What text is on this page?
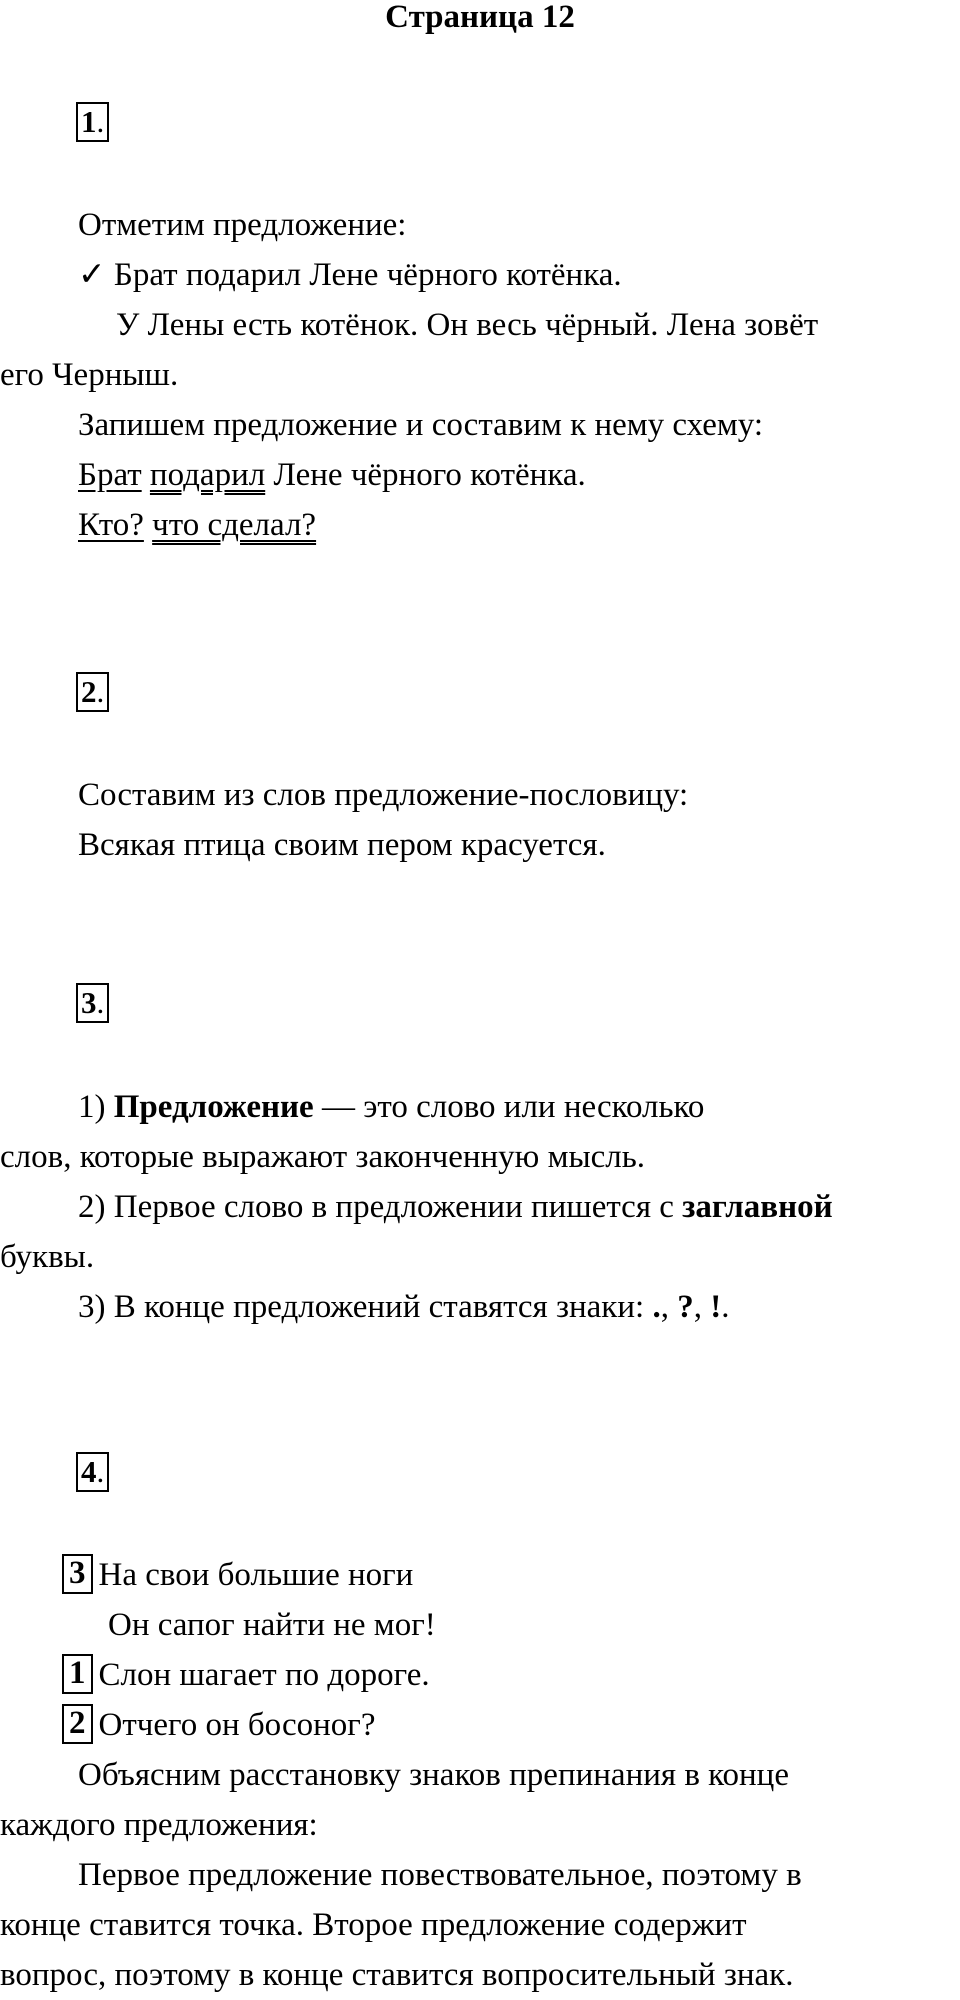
Страница 12
1.
Отметим предложение:
✓ Брат подарил Лене чёрного котёнка.
У Лены есть котёнок. Он весь чёрный. Лена зовёт
его Черныш.
Запишем предложение и составим к нему схему:
Брат подарил Лене чёрного котёнка.
Кто? что сделал?
2.
Составим из слов предложение-пословицу:
Всякая птица своим пером красуется.
3.
1) Предложение — это слово или несколько
слов, которые выражают законченную мысль.
2) Первое слово в предложении пишется с заглавной
буквы.
3) В конце предложений ставятся знаки: ., ?, !.
4.
3 На свои большие ноги
Он сапог найти не мог!
1 Слон шагает по дороге.
2 Отчего он босоног?
Объясним расстановку знаков препинания в конце
каждого предложения:
Первое предложение повествовательное, поэтому в
конце ставится точка. Второе предложение содержит
вопрос, поэтому в конце ставится вопросительный знак.
